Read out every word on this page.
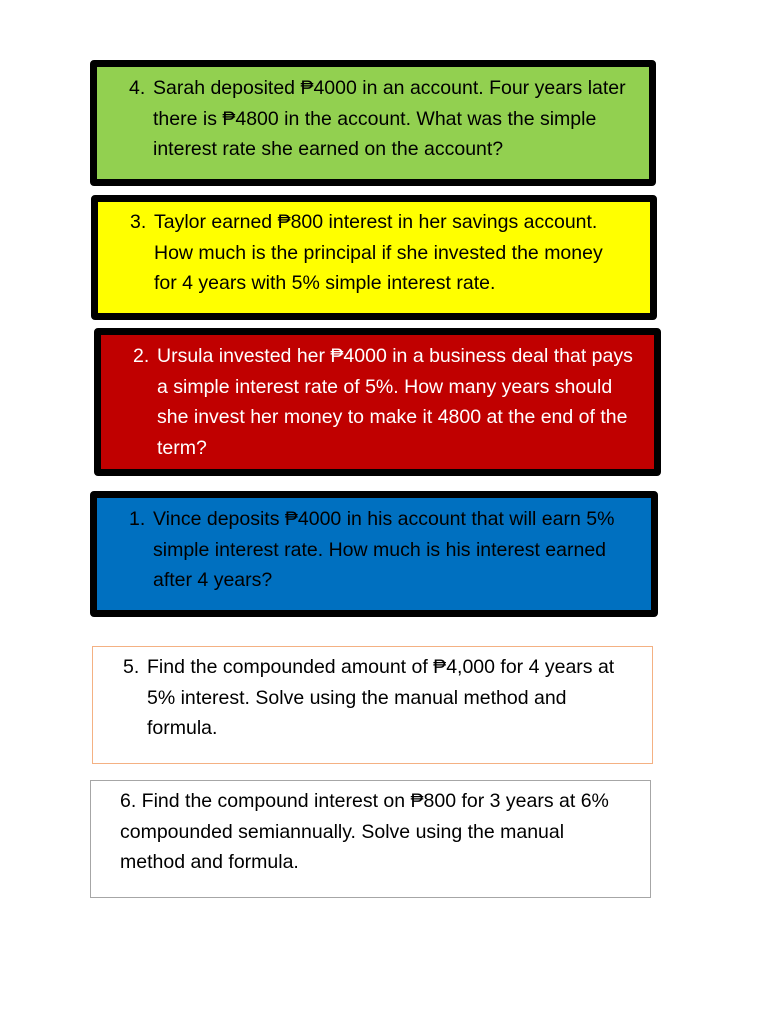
4. Sarah deposited ₱4000 in an account. Four years later there is ₱4800 in the account. What was the simple interest rate she earned on the account?

3. Taylor earned ₱800 interest in her savings account. How much is the principal if she invested the money for 4 years with 5% simple interest rate.

2. Ursula invested her ₱4000 in a business deal that pays a simple interest rate of 5%. How many years should she invest her money to make it 4800 at the end of the term?

1. Vince deposits ₱4000 in his account that will earn 5% simple interest rate. How much is his interest earned after 4 years?

5. Find the compounded amount of ₱4,000 for 4 years at 5% interest. Solve using the manual method and formula.

6. Find the compound interest on ₱800 for 3 years at 6% compounded semiannually. Solve using the manual method and formula.
